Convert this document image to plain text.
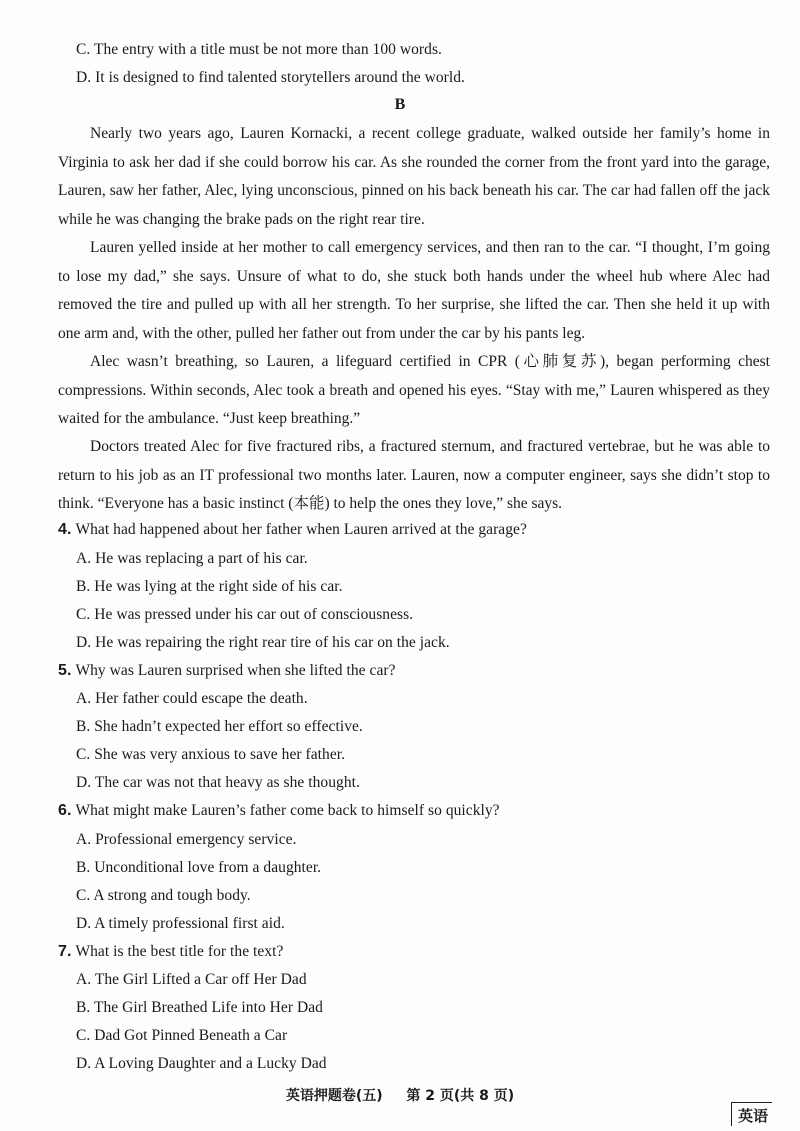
C. The entry with a title must be not more than 100 words.
D. It is designed to find talented storytellers around the world.
B
Nearly two years ago, Lauren Kornacki, a recent college graduate, walked outside her family’s home in Virginia to ask her dad if she could borrow his car. As she rounded the corner from the front yard into the garage, Lauren, saw her father, Alec, lying unconscious, pinned on his back beneath his car. The car had fallen off the jack while he was changing the brake pads on the right rear tire.
Lauren yelled inside at her mother to call emergency services, and then ran to the car. “I thought, I’m going to lose my dad,” she says. Unsure of what to do, she stuck both hands under the wheel hub where Alec had removed the tire and pulled up with all her strength. To her surprise, she lifted the car. Then she held it up with one arm and, with the other, pulled her father out from under the car by his pants leg.
Alec wasn’t breathing, so Lauren, a lifeguard certified in CPR (心肺复苏), began performing chest compressions. Within seconds, Alec took a breath and opened his eyes. “Stay with me,” Lauren whispered as they waited for the ambulance. “Just keep breathing.”
Doctors treated Alec for five fractured ribs, a fractured sternum, and fractured vertebrae, but he was able to return to his job as an IT professional two months later. Lauren, now a computer engineer, says she didn’t stop to think. “Everyone has a basic instinct (本能) to help the ones they love,” she says.
4. What had happened about her father when Lauren arrived at the garage?
A. He was replacing a part of his car.
B. He was lying at the right side of his car.
C. He was pressed under his car out of consciousness.
D. He was repairing the right rear tire of his car on the jack.
5. Why was Lauren surprised when she lifted the car?
A. Her father could escape the death.
B. She hadn’t expected her effort so effective.
C. She was very anxious to save her father.
D. The car was not that heavy as she thought.
6. What might make Lauren’s father come back to himself so quickly?
A. Professional emergency service.
B. Unconditional love from a daughter.
C. A strong and tough body.
D. A timely professional first aid.
7. What is the best title for the text?
A. The Girl Lifted a Car off Her Dad
B. The Girl Breathed Life into Her Dad
C. Dad Got Pinned Beneath a Car
D. A Loving Daughter and a Lucky Dad
英语押题卷(五) 第 2 页(共 8 页)
英语
